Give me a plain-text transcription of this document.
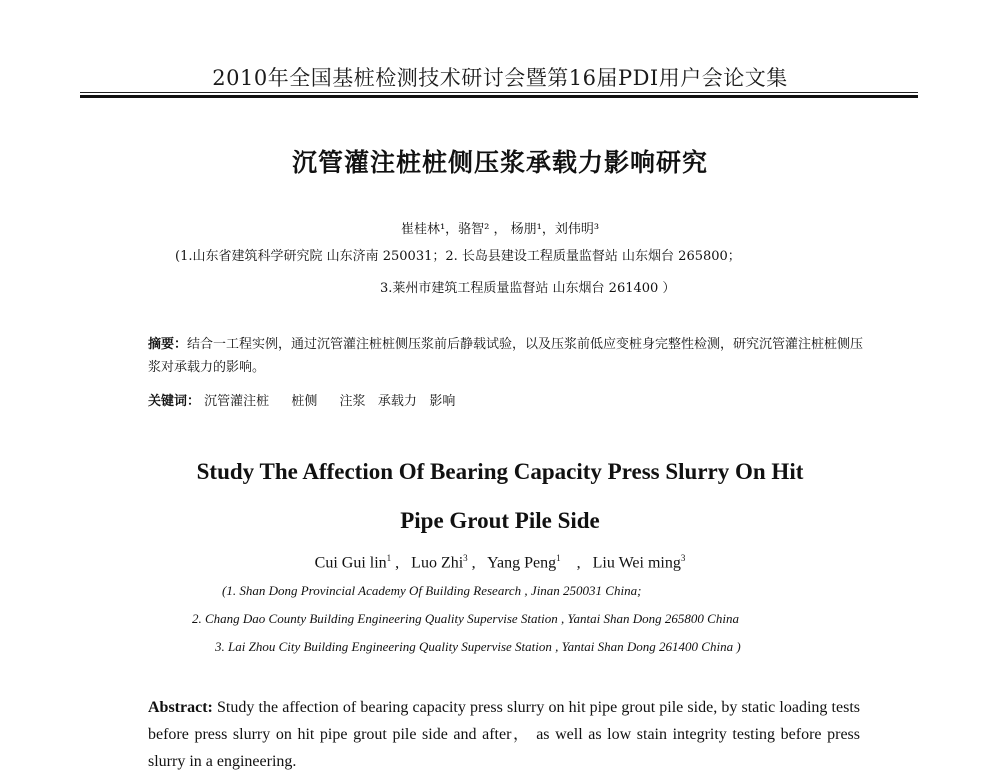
2010年全国基桩检测技术研讨会暨第16届PDI用户会论文集
沉管灌注桩桩侧压浆承载力影响研究
崔桂林¹，骆智² ， 杨朋¹，刘伟明³
(1.山东省建筑科学研究院 山东济南 250031；2. 长岛县建设工程质量监督站 山东烟台 265800；
3.莱州市建筑工程质量监督站 山东烟台 261400 ）
摘要：结合一工程实例，通过沉管灌注桩桩侧压浆前后静载试验，以及压浆前低应变桩身完整性检测，研究沉管灌注桩桩侧压浆对承载力的影响。
关键词： 沉管灌注桩 桩侧 注浆 承载力 影响
Study The Affection Of Bearing Capacity Press Slurry On Hit
Pipe Grout Pile Side
Cui Gui lin$^1$ ,   Luo Zhi$^3$ ,   Yang Peng$^1$    ,   Liu Wei ming$^3$
(1. Shan Dong Provincial Academy Of Building Research , Jinan 250031 China;
2. Chang Dao County Building Engineering Quality Supervise Station , Yantai Shan Dong 265800 China
3. Lai Zhou City Building Engineering Quality Supervise Station , Yantai Shan Dong 261400 China )
Abstract: Study the affection of bearing capacity press slurry on hit pipe grout pile side, by static loading tests before press slurry on hit pipe grout pile side and after， as well as low stain integrity testing before press slurry in a engineering.
